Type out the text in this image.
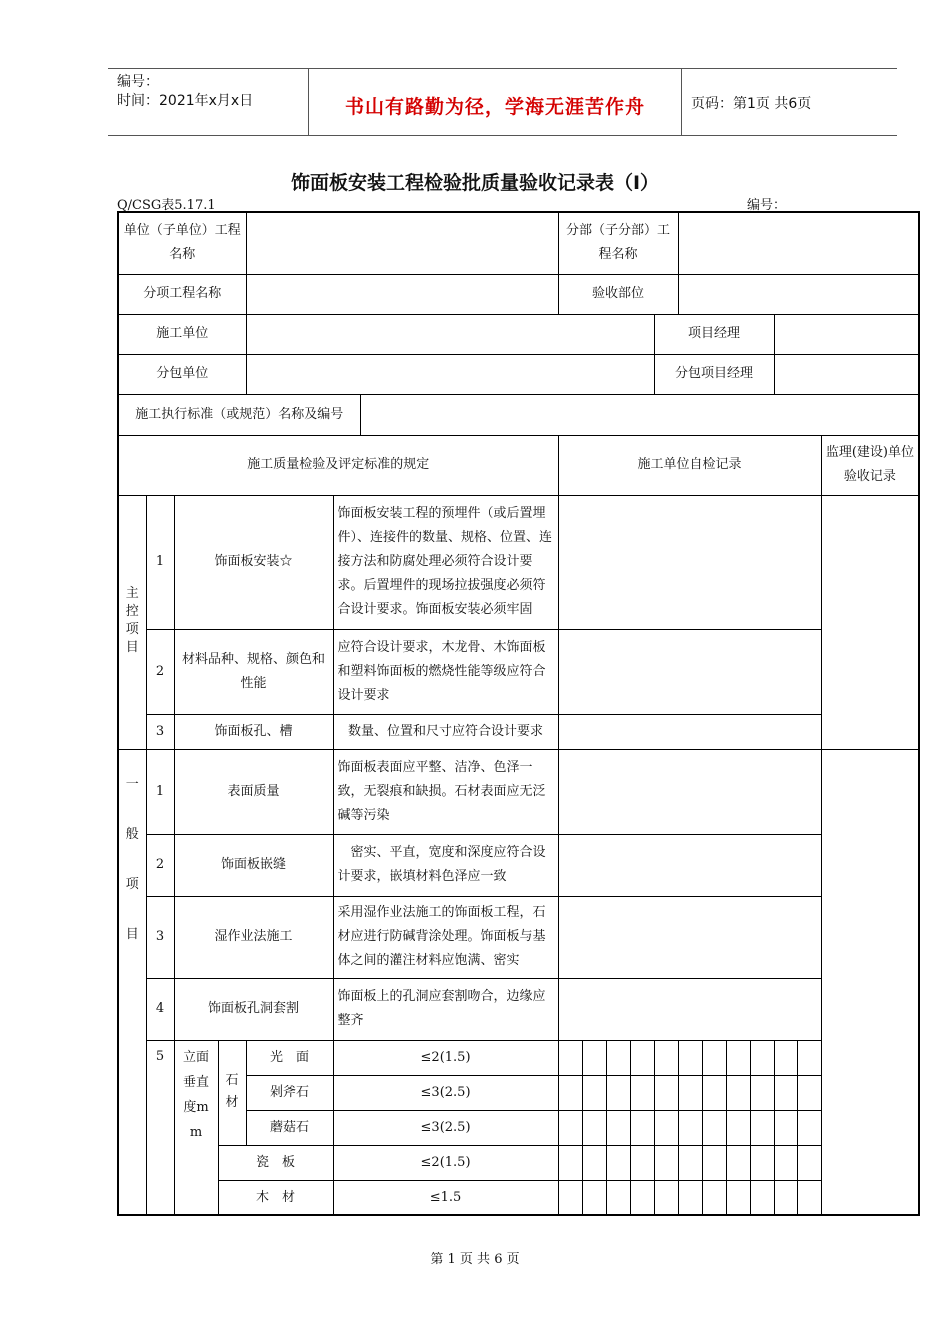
编号：
时间：2021年x月x日	书山有路勤为径，学海无涯苦作舟	页码：第1页 共6页
饰面板安装工程检验批质量验收记录表（Ⅰ）
Q/CSG表5.17.1	编号：
单位（子单位）工程名称							分部（子分部）工程名称											
分项工程名称							验收部位											
施工单位											项目经理							
分包单位											分包项目经理							
施工执行标准（或规范）名称及编号																		
施工质量检验及评定标准的规定							施工单位自检记录											监理(建设)单位验收记录
主控项目	1	饰面板安装☆			饰面板安装工程的预埋件（或后置埋件）、连接件的数量、规格、位置、连接方法和防腐处理必须符合设计要求。后置埋件的现场拉拔强度必须符合设计要求。饰面板安装必须牢固													
	2	材料品种、规格、颜色和性能			应符合设计要求，木龙骨、木饰面板和塑料饰面板的燃烧性能等级应符合设计要求													
	3	饰面板孔、槽			数量、位置和尺寸应符合设计要求													
一般项目	1	表面质量			饰面板表面应平整、洁净、色泽一致，无裂痕和缺损。石材表面应无泛碱等污染													
	2	饰面板嵌缝			密实、平直，宽度和深度应符合设计要求，嵌填材料色泽应一致													
	3	湿作业法施工			采用湿作业法施工的饰面板工程，石材应进行防碱背涂处理。饰面板与基体之间的灌注材料应饱满、密实													
	4	饰面板孔洞套割			饰面板上的孔洞应套割吻合，边缘应整齐													
	5	立面垂直度mm	石材	光　面	≤2(1.5)													
				剁斧石	≤3(2.5)													
				蘑菇石	≤3(2.5)													
			瓷　板		≤2(1.5)													
			木　材		≤1.5													

第 1 页 共 6 页
